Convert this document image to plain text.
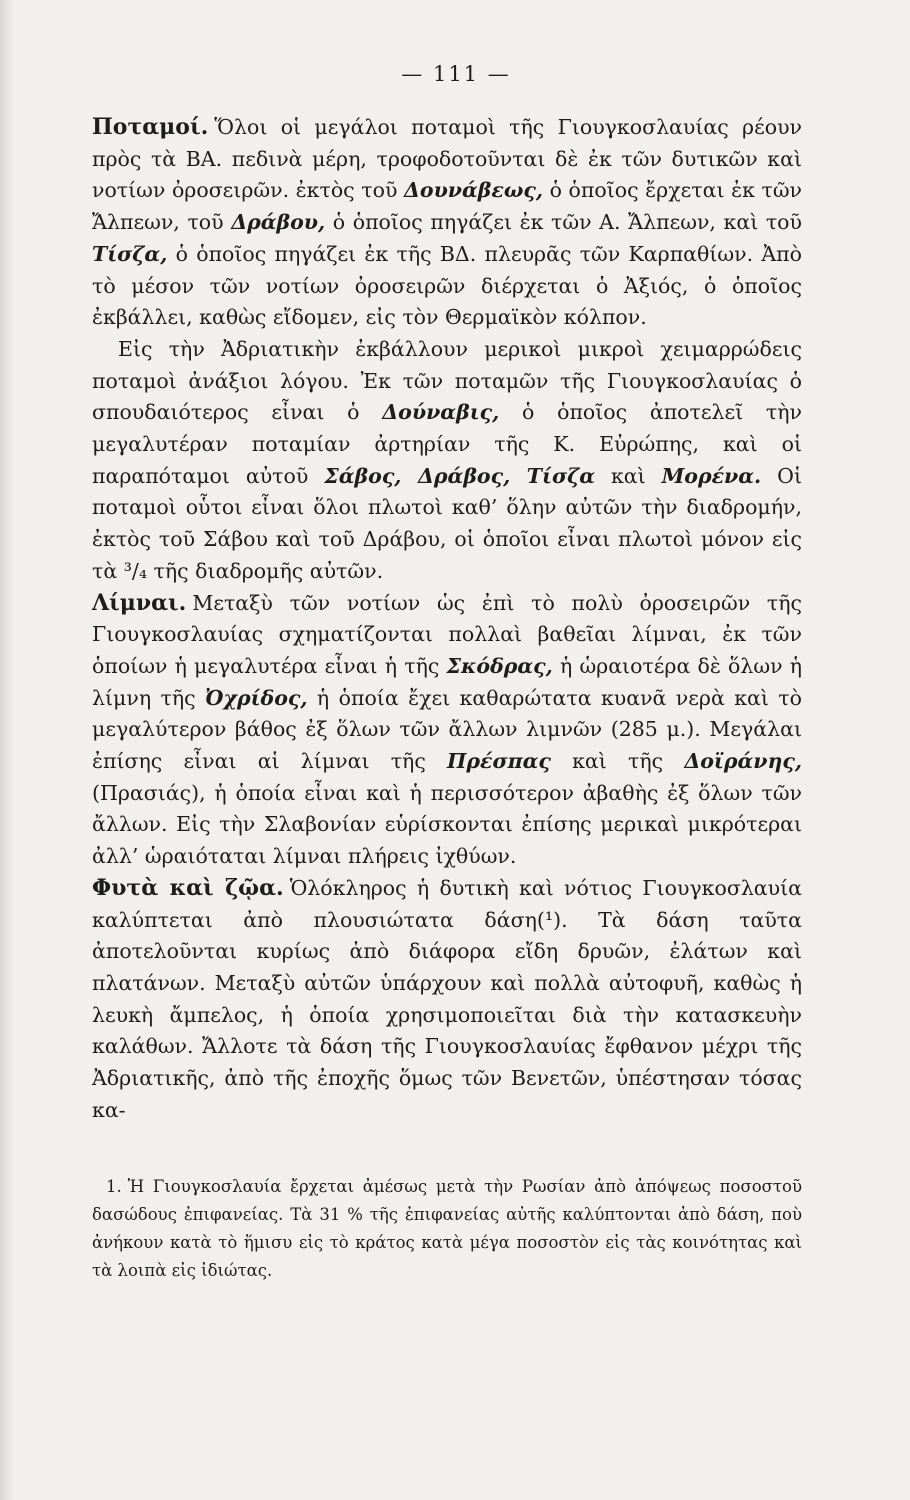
— 111 —

Ποταμοί. Ὅλοι οἱ μεγάλοι ποταμοὶ τῆς Γιουγκοσλαυίας ρέουν πρὸς τὰ ΒΑ. πεδινὰ μέρη, τροφοδοτοῦνται δὲ ἐκ τῶν δυτικῶν καὶ νοτίων ὀροσειρῶν. ἐκτὸς τοῦ Δουνάβεως, ὁ ὁποῖος ἔρχεται ἐκ τῶν Ἄλπεων, τοῦ Δράβου, ὁ ὁποῖος πηγάζει ἐκ τῶν Α. Ἄλπεων, καὶ τοῦ Τίσζα, ὁ ὁποῖος πηγάζει ἐκ τῆς ΒΔ. πλευρᾶς τῶν Καρπαθίων. Ἀπὸ τὸ μέσον τῶν νοτίων ὀροσειρῶν διέρχεται ὁ Ἀξιός, ὁ ὁποῖος ἐκβάλλει, καθὼς εἴδομεν, εἰς τὸν Θερμαϊκὸν κόλπον.

Εἰς τὴν Ἀδριατικὴν ἐκβάλλουν μερικοὶ μικροὶ χειμαρρώδεις ποταμοὶ ἀνάξιοι λόγου. Ἐκ τῶν ποταμῶν τῆς Γιουγκοσλαυίας ὁ σπουδαιότερος εἶναι ὁ Δούναβις, ὁ ὁποῖος ἀποτελεῖ τὴν μεγαλυτέραν ποταμίαν ἀρτηρίαν τῆς Κ. Εὐρώπης, καὶ οἱ παραπόταμοι αὐτοῦ Σάβος, Δράβος, Τίσζα καὶ Μορένα. Οἱ ποταμοὶ οὗτοι εἶναι ὅλοι πλωτοὶ καθ’ ὅλην αὐτῶν τὴν διαδρομήν, ἐκτὸς τοῦ Σάβου καὶ τοῦ Δράβου, οἱ ὁποῖοι εἶναι πλωτοὶ μόνον εἰς τὰ ³/₄ τῆς διαδρομῆς αὐτῶν.

Λίμναι. Μεταξὺ τῶν νοτίων ὡς ἐπὶ τὸ πολὺ ὀροσειρῶν τῆς Γιουγκοσλαυίας σχηματίζονται πολλαὶ βαθεῖαι λίμναι, ἐκ τῶν ὁποίων ἡ μεγαλυτέρα εἶναι ἡ τῆς Σκόδρας, ἡ ὡραιοτέρα δὲ ὅλων ἡ λίμνη τῆς Ὀχρίδος, ἡ ὁποία ἔχει καθαρώτατα κυανᾶ νερὰ καὶ τὸ μεγαλύτερον βάθος ἐξ ὅλων τῶν ἄλλων λιμνῶν (285 μ.). Μεγάλαι ἐπίσης εἶναι αἱ λίμναι τῆς Πρέσπας καὶ τῆς Δοϊράνης, (Πρασιάς), ἡ ὁποία εἶναι καὶ ἡ περισσότερον ἀβαθὴς ἐξ ὅλων τῶν ἄλλων. Εἰς τὴν Σλαβονίαν εὑρίσκονται ἐπίσης μερικαὶ μικρότεραι ἀλλ’ ὡραιόταται λίμναι πλήρεις ἰχθύων.

Φυτὰ καὶ ζῷα. Ὁλόκληρος ἡ δυτικὴ καὶ νότιος Γιουγκοσλαυία καλύπτεται ἀπὸ πλουσιώτατα δάση(¹). Τὰ δάση ταῦτα ἀποτελοῦνται κυρίως ἀπὸ διάφορα εἴδη δρυῶν, ἐλάτων καὶ πλατάνων. Μεταξὺ αὐτῶν ὑπάρχουν καὶ πολλὰ αὐτοφυῆ, καθὼς ἡ λευκὴ ἄμπελος, ἡ ὁποία χρησιμοποιεῖται διὰ τὴν κατασκευὴν καλάθων. Ἄλλοτε τὰ δάση τῆς Γιουγκοσλαυίας ἔφθανον μέχρι τῆς Ἀδριατικῆς, ἀπὸ τῆς ἐποχῆς ὅμως τῶν Βενετῶν, ὑπέστησαν τόσας κα-

1. Ἡ Γιουγκοσλαυία ἔρχεται ἀμέσως μετὰ τὴν Ρωσίαν ἀπὸ ἀπόψεως ποσοστοῦ δασώδους ἐπιφανείας. Τὰ 31 % τῆς ἐπιφανείας αὐτῆς καλύπτονται ἀπὸ δάση, ποὺ ἀνήκουν κατὰ τὸ ἥμισυ εἰς τὸ κράτος κατὰ μέγα ποσοστὸν εἰς τὰς κοινότητας καὶ τὰ λοιπὰ εἰς ἰδιώτας.
